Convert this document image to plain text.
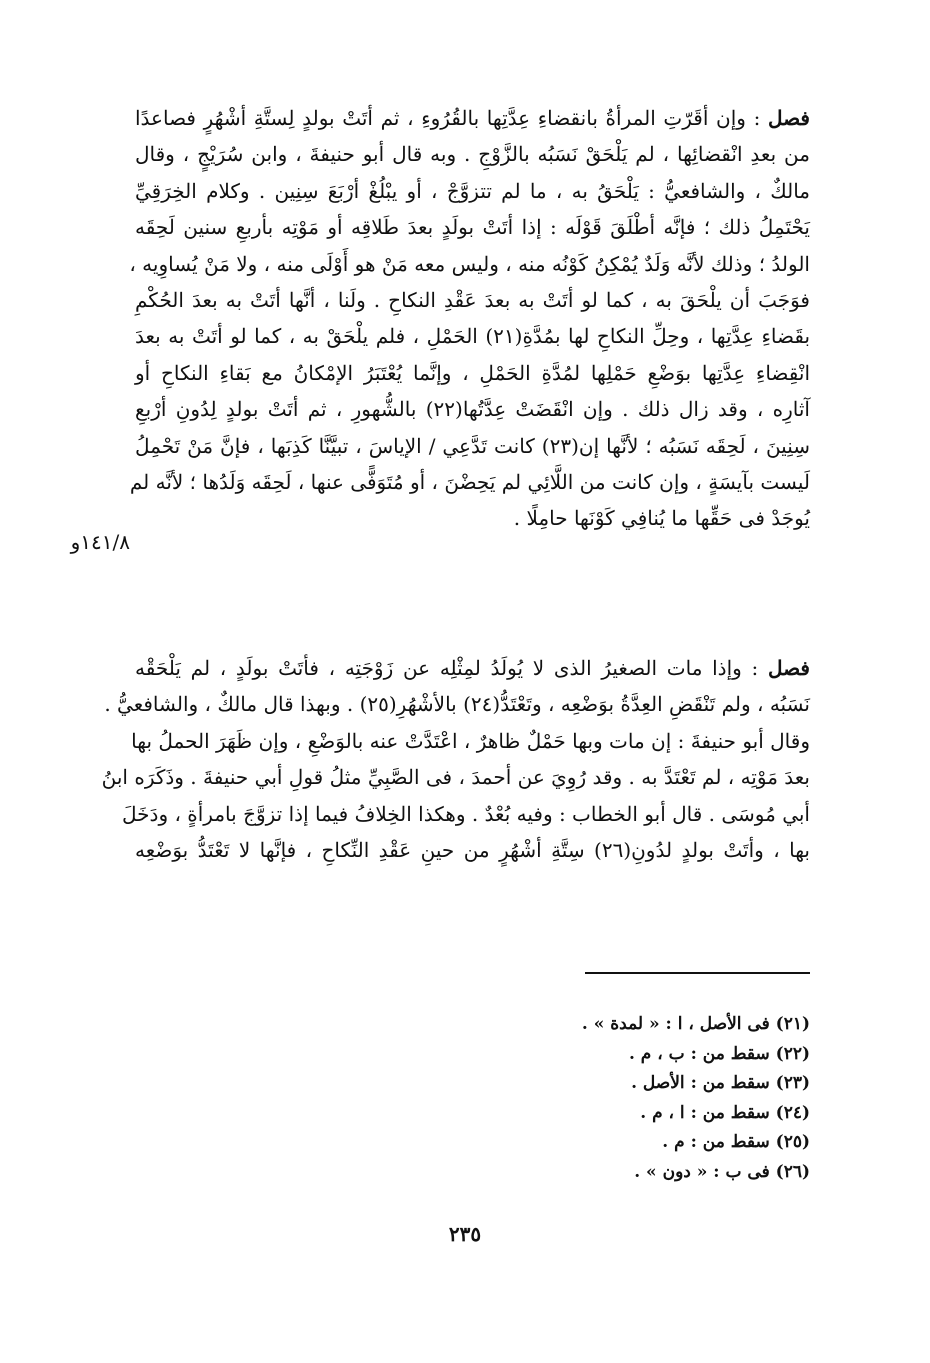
فصل : وإن أقَرّتِ المرأةُ بانقضاءِ عِدَّتِها بالقُرُوءِ ، ثم أتَتْ بولدٍ لِستَّةِ أشْهُرٍ فصاعدًا
من بعدِ انْقضائِها ، لم يَلْحَقْ نَسَبُه بالزَّوْجِ . وبه قال أبو حنيفةَ ، وابن سُرَيْجٍ ، وقال
مالكٌ ، والشافعيُّ : يَلْحَقُ به ، ما لم تتزوَّجْ ، أو يبْلُغْ أرْبَعَ سِنِين . وكلام الخِرَقِيِّ
يَحْتَمِلُ ذلك ؛ فإنَّه أطْلَقَ قَوْلَه : إذا أتَتْ بولَدٍ بعدَ طَلاقِه أو مَوْتِه بأربعِ سنين لَحِقَه
الولدُ ؛ وذلك لأنَّه وَلَدٌ يُمْكِنُ كَوْنُه منه ، وليس معه مَنْ هو أَوْلَى منه ، ولا مَنْ يُساوِيه ،
فوَجَبَ أن يلْحَقَ به ، كما لو أتَتْ به بعدَ عَقْدِ النكاحِ . ولَنا ، أنَّها أتَتْ به بعدَ الحُكْمِ
بقَضاءِ عِدَّتِها ، وحِلِّ النكاحِ لها بمُدَّةِ(٢١) الحَمْلِ ، فلم يلْحَقْ به ، كما لو أتَتْ به بعدَ
انْقِضاءِ عِدَّتِها بوَضْعِ حَمْلِها لمُدَّةِ الحَمْلِ ، وإنَّما يُعْتَبَرُ الإمْكانُ مع بَقاءِ النكاحِ أو
آثارِه ، وقد زال ذلك . وإن انْقَضَتْ عِدَّتُها(٢٢) بالشُّهورِ ، ثم أتَتْ بولدٍ لِدُونِ أرْبعِ
سِنِينَ ، لَحِقَه نَسَبُه ؛ لأنَّها إن(٢٣) كانت تَدَّعِي / الإياسَ ، تبيَّنَّا كَذِبَها ، فإنَّ مَنْ تَحْمِلُ
لَيست بآيسَةٍ ، وإن كانت من اللَّائِي لم يَحِضْنَ ، أو مُتَوَفًّى عنها ، لَحِقَه وَلَدُها ؛ لأنَّه لم
يُوجَدْ فى حَقِّها ما يُنافِي كَوْنَها حامِلًا .
١٤١/٨و
فصل : وإذا مات الصغيرُ الذى لا يُولَدُ لمِثْلِه عن زَوْجَتِه ، فأتَتْ بولَدٍ ، لم يَلْحَقْه
نَسَبُه ، ولم تَنْقَضِ العِدَّةُ بوَضْعِه ، وتَعْتَدُّ(٢٤) بالأشْهُرِ(٢٥) . وبهذا قال مالكٌ ، والشافعيُّ .
وقال أبو حنيفةَ : إن مات وبها حَمْلٌ ظاهرٌ ، اعْتَدَّتْ عنه بالوَضْعِ ، وإن ظَهَرَ الحملُ بها
بعدَ مَوْتِه ، لم تَعْتَدَّ به . وقد رُوِيَ عن أحمدَ ، فى الصَّبِيِّ مثلُ قولِ أبي حنيفةَ . وذَكَرَه ابنُ
أبي مُوسَى . قال أبو الخطاب : وفيه بُعْدٌ . وهكذا الخِلافُ فيما إذا تزوَّجَ بامرأةٍ ، ودَخَلَ
بها ، وأتَتْ بولدٍ لدُونِ(٢٦) سِتَّةِ أشْهُرٍ من حينِ عَقْدِ النِّكاحِ ، فإنَّها لا تَعْتَدُّ بوَضْعِه
(٢١) فى الأصل ، ا : « لمدة » .
(٢٢) سقط من : ب ، م .
(٢٣) سقط من : الأصل .
(٢٤) سقط من : ا ، م .
(٢٥) سقط من : م .
(٢٦) فى ب : « دون » .
٢٣٥
